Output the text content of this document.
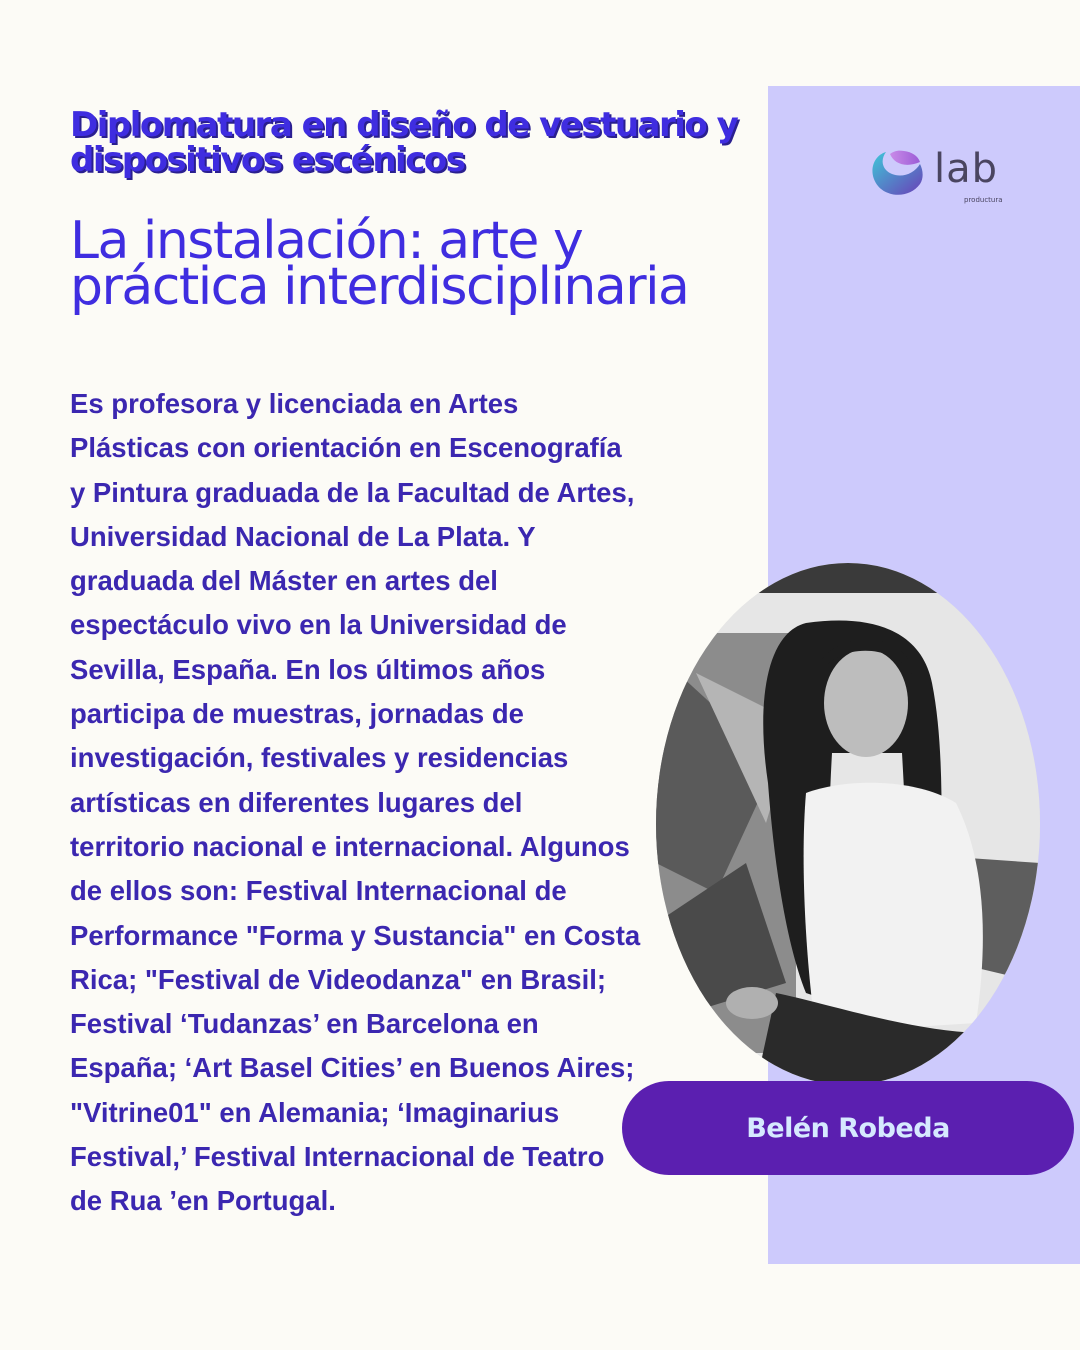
lab
productura
Diplomatura en diseño de vestuario y dispositivos escénicos
La instalación: arte y práctica interdisciplinaria

Es profesora y licenciada en Artes Plásticas con orientación en Escenografía y Pintura graduada de la Facultad de Artes, Universidad Nacional de La Plata. Y graduada del Máster en artes del espectáculo vivo en la Universidad de Sevilla, España. En los últimos años participa de muestras, jornadas de investigación, festivales y residencias artísticas en diferentes lugares del territorio nacional e internacional. Algunos de ellos son: Festival Internacional de Performance "Forma y Sustancia" en Costa Rica; "Festival de Videodanza" en Brasil; Festival ‘Tudanzas’ en Barcelona en España; ‘Art Basel Cities’ en Buenos Aires; "Vitrine01" en Alemania; ‘Imaginarius Festival,’ Festival Internacional de Teatro de Rua ’en Portugal.

Belén Robeda
